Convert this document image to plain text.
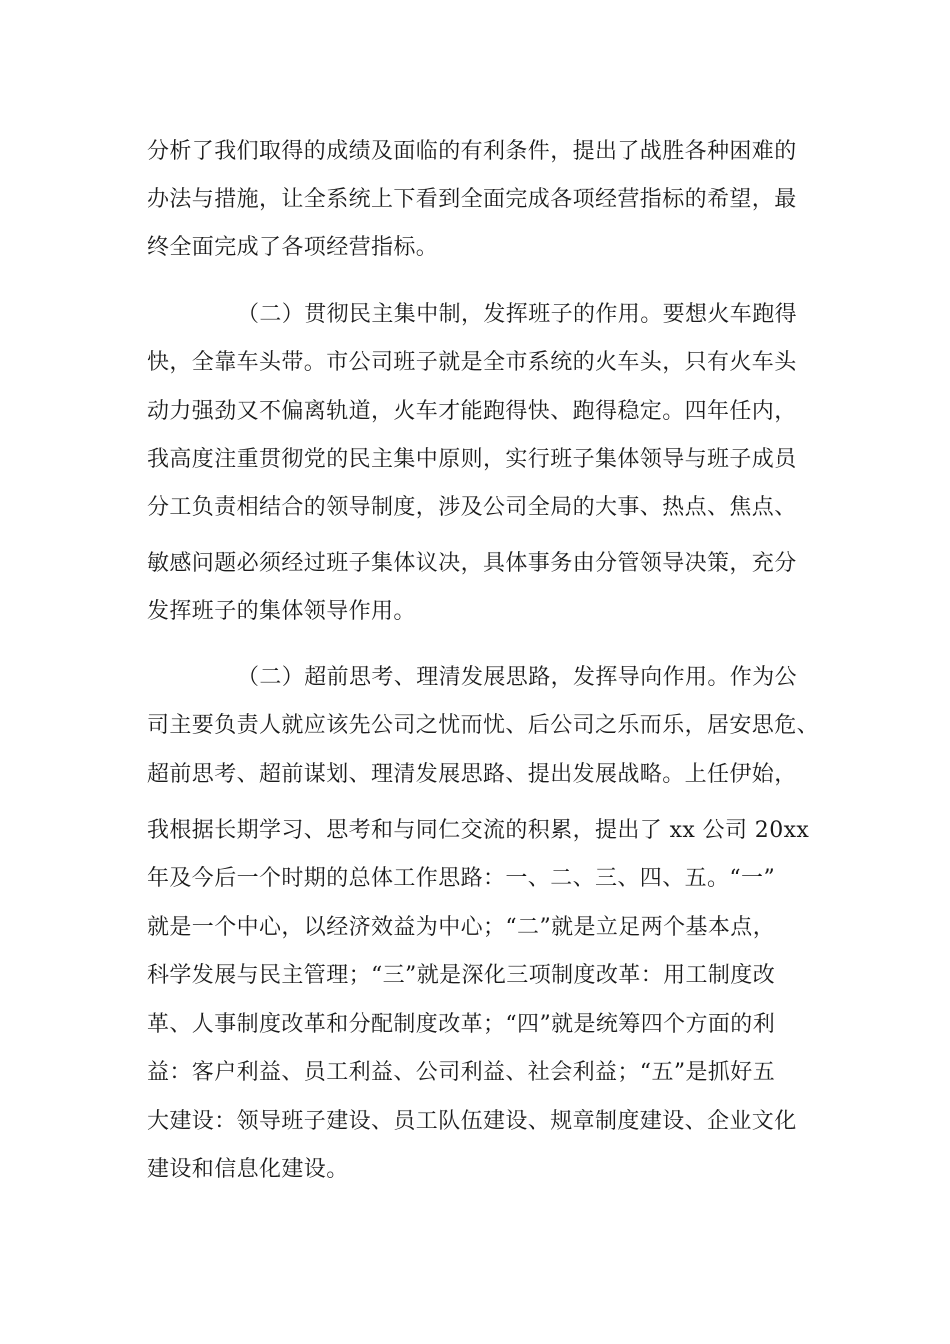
分析了我们取得的成绩及面临的有利条件，提出了战胜各种困难的
办法与措施，让全系统上下看到全面完成各项经营指标的希望，最
终全面完成了各项经营指标。
（二）贯彻民主集中制，发挥班子的作用。要想火车跑得
快，全靠车头带。市公司班子就是全市系统的火车头，只有火车头
动力强劲又不偏离轨道，火车才能跑得快、跑得稳定。四年任内，
我高度注重贯彻党的民主集中原则，实行班子集体领导与班子成员
分工负责相结合的领导制度，涉及公司全局的大事、热点、焦点、
敏感问题必须经过班子集体议决，具体事务由分管领导决策，充分
发挥班子的集体领导作用。
（二）超前思考、理清发展思路，发挥导向作用。作为公
司主要负责人就应该先公司之忧而忧、后公司之乐而乐，居安思危、
超前思考、超前谋划、理清发展思路、提出发展战略。上任伊始，
我根据长期学习、思考和与同仁交流的积累，提出了 xx 公司 20xx
年及今后一个时期的总体工作思路：一、二、三、四、五。“一”
就是一个中心，以经济效益为中心；“二”就是立足两个基本点，
科学发展与民主管理；“三”就是深化三项制度改革：用工制度改
革、人事制度改革和分配制度改革；“四”就是统筹四个方面的利
益：客户利益、员工利益、公司利益、社会利益；“五”是抓好五
大建设：领导班子建设、员工队伍建设、规章制度建设、企业文化
建设和信息化建设。
